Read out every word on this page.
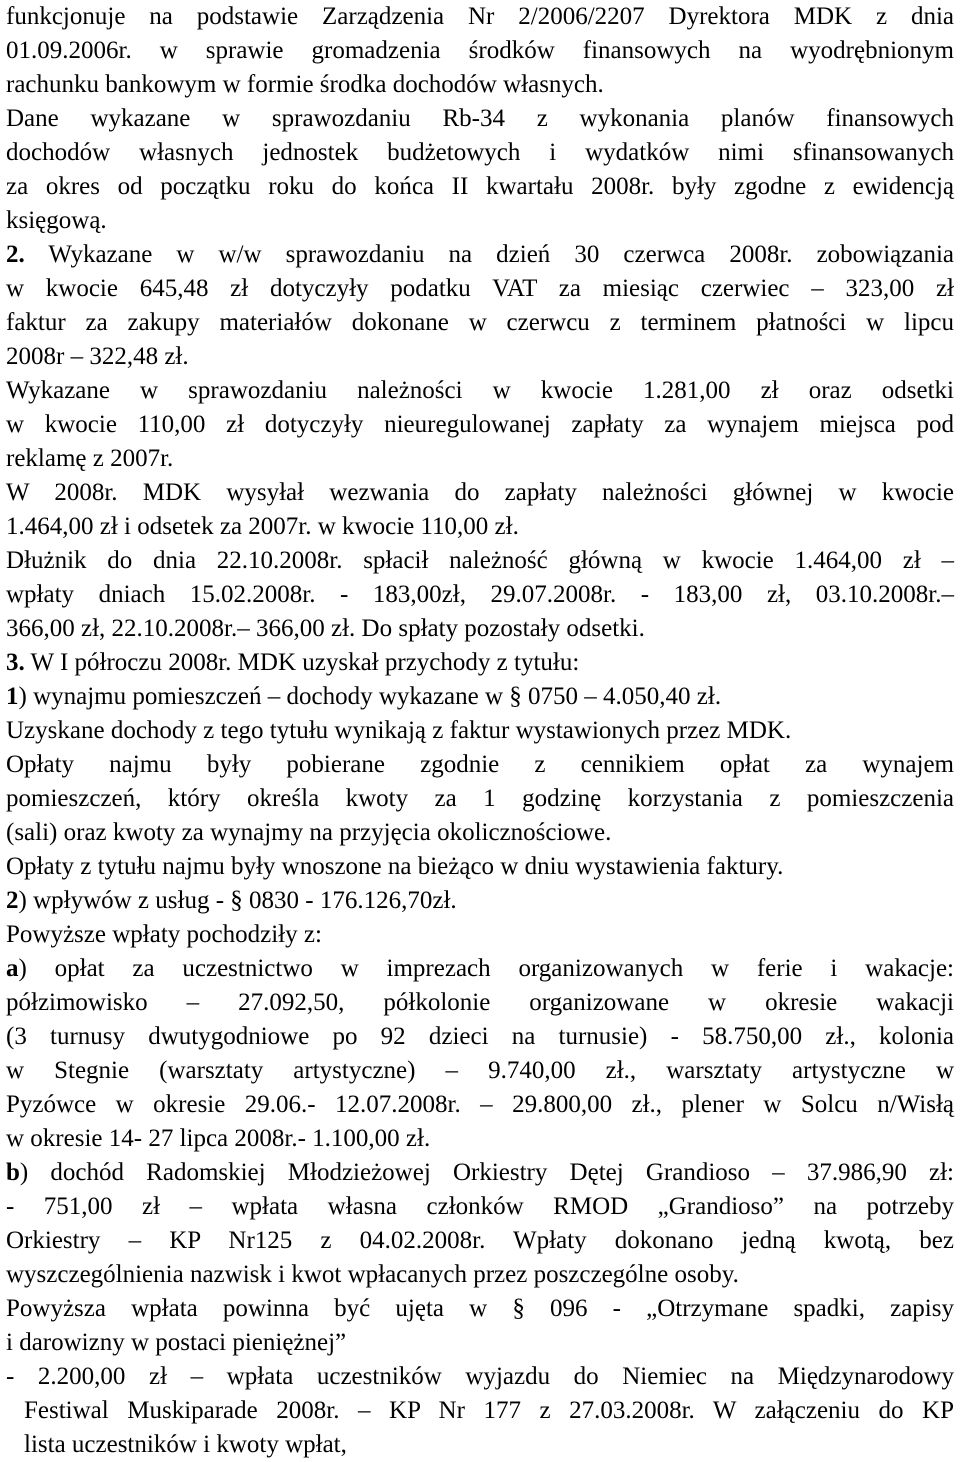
funkcjonuje na podstawie Zarządzenia Nr 2/2006/2207 Dyrektora MDK z dnia
01.09.2006r. w sprawie gromadzenia środków finansowych na wyodrębnionym
rachunku bankowym w formie środka dochodów własnych.
Dane wykazane w sprawozdaniu Rb-34 z wykonania planów finansowych
dochodów własnych jednostek budżetowych i wydatków nimi sfinansowanych
za okres od początku roku do końca II kwartału 2008r. były zgodne z ewidencją
księgową.
2. Wykazane w w/w sprawozdaniu na dzień 30 czerwca 2008r. zobowiązania
w kwocie 645,48 zł dotyczyły podatku VAT za miesiąc czerwiec – 323,00 zł
faktur za zakupy materiałów dokonane w czerwcu z terminem płatności w lipcu
2008r – 322,48 zł.
Wykazane w sprawozdaniu należności w kwocie 1.281,00 zł oraz odsetki
w kwocie 110,00 zł dotyczyły nieuregulowanej zapłaty za wynajem miejsca pod
reklamę z 2007r.
W 2008r. MDK wysyłał wezwania do zapłaty należności głównej w kwocie
1.464,00 zł i odsetek za 2007r. w kwocie 110,00 zł.
Dłużnik do dnia 22.10.2008r. spłacił należność główną w kwocie 1.464,00 zł –
wpłaty dniach 15.02.2008r. - 183,00zł, 29.07.2008r. - 183,00 zł, 03.10.2008r.–
366,00 zł, 22.10.2008r.– 366,00 zł. Do spłaty pozostały odsetki.
3. W I półroczu 2008r. MDK uzyskał przychody z tytułu:
1) wynajmu pomieszczeń – dochody wykazane w § 0750 – 4.050,40 zł.
Uzyskane dochody z tego tytułu wynikają z faktur wystawionych przez MDK.
Opłaty najmu były pobierane zgodnie z cennikiem opłat za wynajem
pomieszczeń, który określa kwoty za 1 godzinę korzystania z pomieszczenia
(sali) oraz kwoty za wynajmy na przyjęcia okolicznościowe.
Opłaty z tytułu najmu były wnoszone na bieżąco w dniu wystawienia faktury.
2) wpływów z usług - § 0830 - 176.126,70zł.
Powyższe wpłaty pochodziły z:
a) opłat za uczestnictwo w imprezach organizowanych w ferie i wakacje:
półzimowisko – 27.092,50, półkolonie organizowane w okresie wakacji
(3 turnusy dwutygodniowe po 92 dzieci na turnusie) - 58.750,00 zł., kolonia
w Stegnie (warsztaty artystyczne) – 9.740,00 zł., warsztaty artystyczne w
Pyzówce w okresie 29.06.- 12.07.2008r. – 29.800,00 zł., plener w Solcu n/Wisłą
w okresie 14- 27 lipca 2008r.- 1.100,00 zł.
b) dochód Radomskiej Młodzieżowej Orkiestry Dętej Grandioso – 37.986,90 zł:
- 751,00 zł – wpłata własna członków RMOD „Grandioso” na potrzeby
Orkiestry – KP Nr125 z 04.02.2008r. Wpłaty dokonano jedną kwotą, bez
wyszczególnienia nazwisk i kwot wpłacanych przez poszczególne osoby.
Powyższa wpłata powinna być ujęta w § 096 - „Otrzymane spadki, zapisy
i darowizny w postaci pieniężnej”
- 2.200,00 zł – wpłata uczestników wyjazdu do Niemiec na Międzynarodowy
Festiwal Muskiparade 2008r. – KP Nr 177 z 27.03.2008r. W załączeniu do KP
lista uczestników i kwoty wpłat,
